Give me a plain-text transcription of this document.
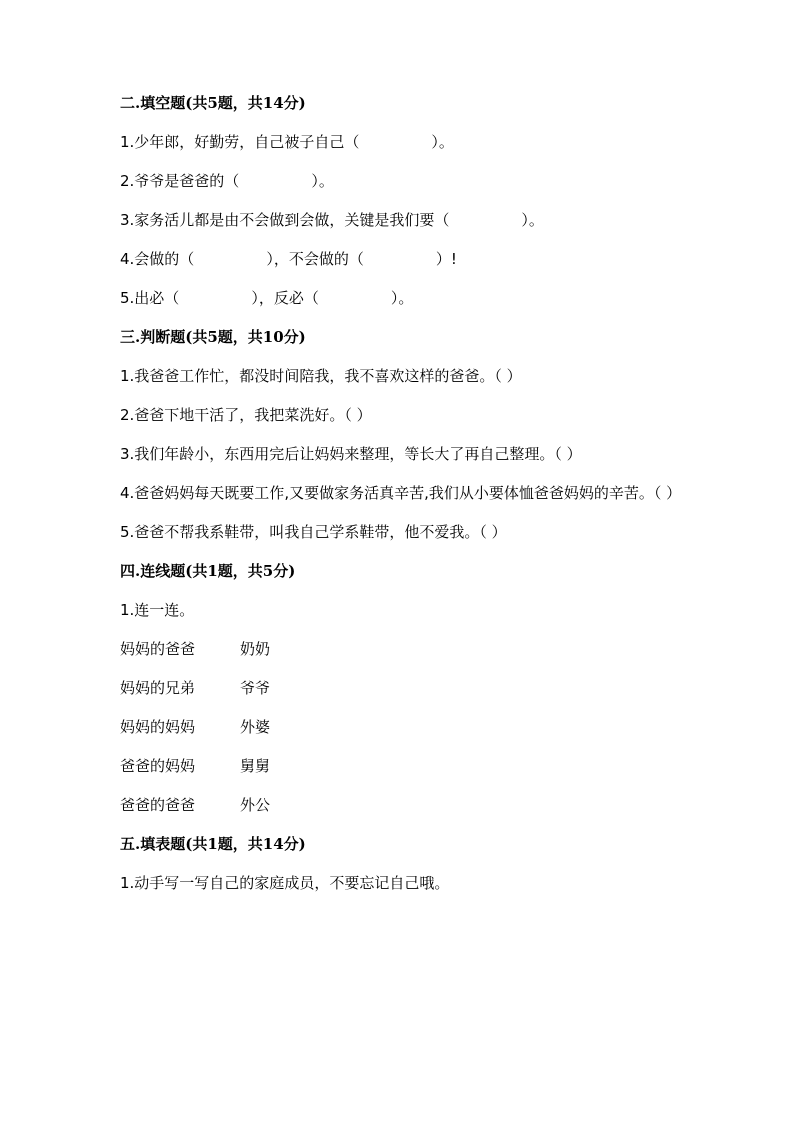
二.填空题(共5题，共14分)
1.少年郎，好勤劳，自己被子自己（	）。
2.爷爷是爸爸的（	）。
3.家务活儿都是由不会做到会做，关键是我们要（	）。
4.会做的（	），不会做的（	）!
5.出必（	），反必（	）。
三.判断题(共5题，共10分)
1.我爸爸工作忙，都没时间陪我，我不喜欢这样的爸爸。（ ）
2.爸爸下地干活了，我把菜洗好。（ ）
3.我们年龄小，东西用完后让妈妈来整理，等长大了再自己整理。（ ）
4.爸爸妈妈每天既要工作,又要做家务活真辛苦,我们从小要体恤爸爸妈妈的辛苦。（ ）
5.爸爸不帮我系鞋带，叫我自己学系鞋带，他不爱我。（ ）
四.连线题(共1题，共5分)
1.连一连。
妈妈的爸爸	奶奶
妈妈的兄弟	爷爷
妈妈的妈妈	外婆
爸爸的妈妈	舅舅
爸爸的爸爸	外公
五.填表题(共1题，共14分)
1.动手写一写自己的家庭成员，不要忘记自己哦。
